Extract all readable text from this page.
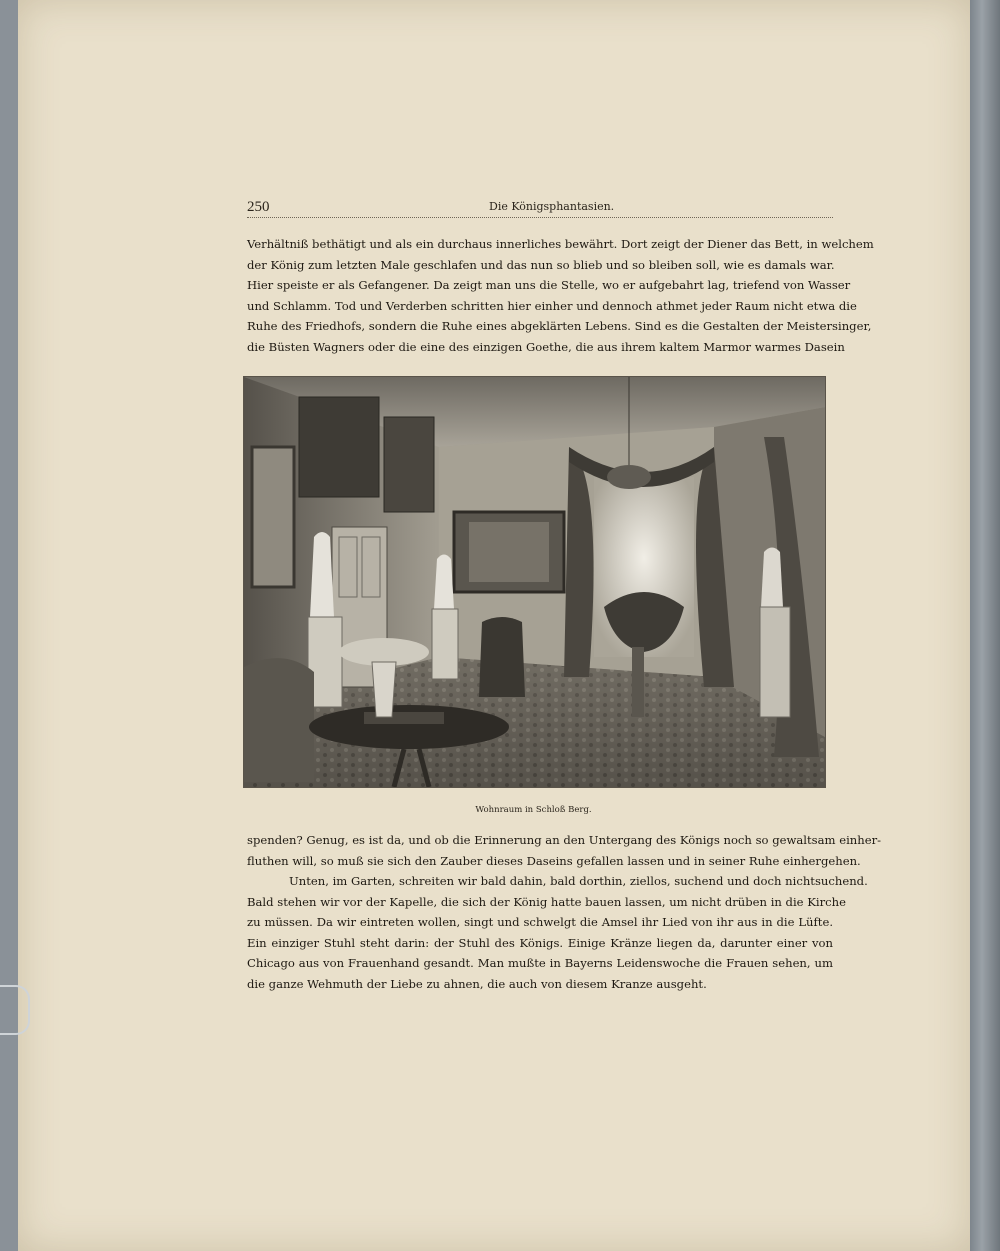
250	Die Königsphantasien.
Verhältniß bethätigt und als ein durchaus innerliches bewährt. Dort zeigt der Diener das Bett, in welchem
der König zum letzten Male geschlafen und das nun so blieb und so bleiben soll, wie es damals war.
Hier speiste er als Gefangener. Da zeigt man uns die Stelle, wo er aufgebahrt lag, triefend von Wasser
und Schlamm. Tod und Verderben schritten hier einher und dennoch athmet jeder Raum nicht etwa die
Ruhe des Friedhofs, sondern die Ruhe eines abgeklärten Lebens. Sind es die Gestalten der Meistersinger,
die Büsten Wagners oder die eine des einzigen Goethe, die aus ihrem kaltem Marmor warmes Dasein
Wohnraum in Schloß Berg.
spenden? Genug, es ist da, und ob die Erinnerung an den Untergang des Königs noch so gewaltsam einher-
fluthen will, so muß sie sich den Zauber dieses Daseins gefallen lassen und in seiner Ruhe einhergehen.
Unten, im Garten, schreiten wir bald dahin, bald dorthin, ziellos, suchend und doch nichtsuchend.
Bald stehen wir vor der Kapelle, die sich der König hatte bauen lassen, um nicht drüben in die Kirche
zu müssen. Da wir eintreten wollen, singt und schwelgt die Amsel ihr Lied von ihr aus in die Lüfte.
Ein einziger Stuhl steht darin: der Stuhl des Königs. Einige Kränze liegen da, darunter einer von
Chicago aus von Frauenhand gesandt. Man mußte in Bayerns Leidenswoche die Frauen sehen, um
die ganze Wehmuth der Liebe zu ahnen, die auch von diesem Kranze ausgeht.
